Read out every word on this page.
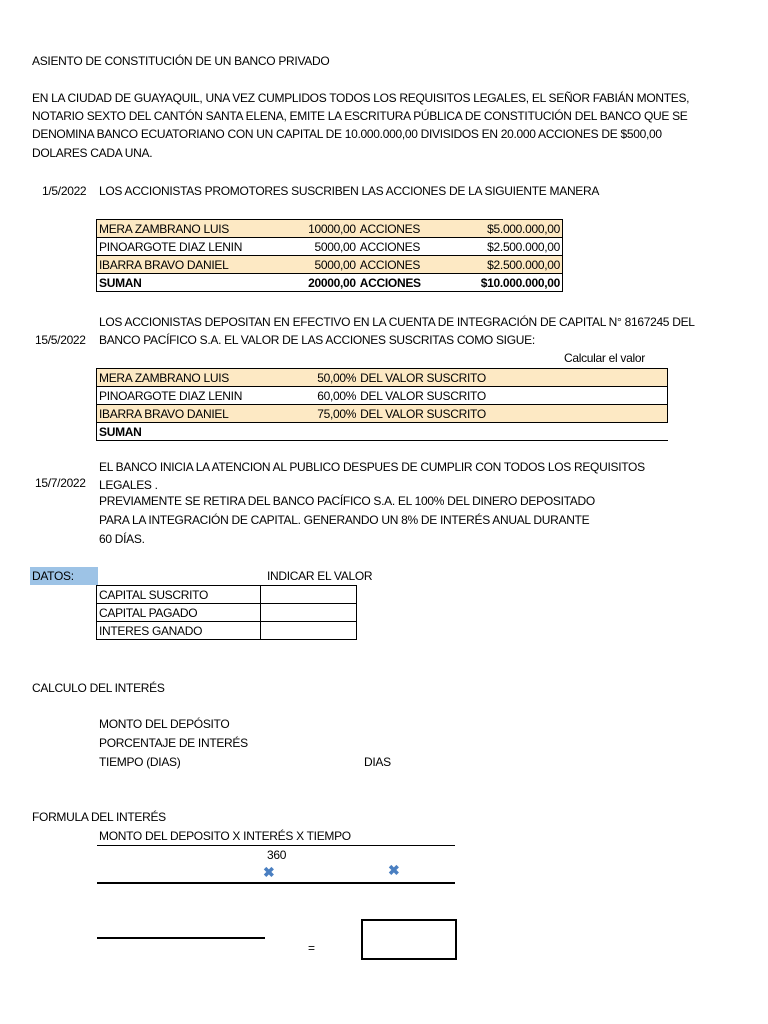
ASIENTO DE CONSTITUCIÓN DE UN BANCO PRIVADO
EN LA CIUDAD DE GUAYAQUIL, UNA VEZ CUMPLIDOS TODOS LOS REQUISITOS LEGALES, EL SEÑOR FABIÁN MONTES,
NOTARIO SEXTO DEL CANTÓN SANTA ELENA, EMITE LA ESCRITURA PÚBLICA DE CONSTITUCIÓN DEL BANCO QUE SE
DENOMINA BANCO ECUATORIANO CON UN CAPITAL DE 10.000.000,00 DIVISIDOS EN 20.000 ACCIONES DE $500,00
DOLARES CADA UNA.
1/5/2022 LOS ACCIONISTAS PROMOTORES SUSCRIBEN LAS ACCIONES DE LA SIGUIENTE MANERA
MERA ZAMBRANO LUIS	10000,00	ACCIONES	$5.000.000,00
PINOARGOTE DIAZ LENIN	5000,00	ACCIONES	$2.500.000,00
IBARRA BRAVO DANIEL	5000,00	ACCIONES	$2.500.000,00
SUMAN	20000,00	ACCIONES	$10.000.000,00
LOS ACCIONISTAS DEPOSITAN EN EFECTIVO EN LA CUENTA DE INTEGRACIÓN DE CAPITAL N° 8167245 DEL
15/5/2022 BANCO PACÍFICO S.A. EL VALOR DE LAS ACCIONES SUSCRITAS COMO SIGUE:
Calcular el valor
MERA ZAMBRANO LUIS	50,00%	DEL VALOR SUSCRITO
PINOARGOTE DIAZ LENIN	60,00%	DEL VALOR SUSCRITO
IBARRA BRAVO DANIEL	75,00%	DEL VALOR SUSCRITO
SUMAN		
EL BANCO INICIA LA ATENCION AL PUBLICO DESPUES DE CUMPLIR CON TODOS LOS REQUISITOS
15/7/2022 LEGALES .
PREVIAMENTE SE RETIRA DEL BANCO PACÍFICO S.A. EL 100% DEL DINERO DEPOSITADO
PARA LA INTEGRACIÓN DE CAPITAL. GENERANDO UN 8% DE INTERÉS ANUAL DURANTE
60 DÍAS.
DATOS:	INDICAR EL VALOR
CAPITAL SUSCRITO	
CAPITAL PAGADO	
INTERES GANADO	
CALCULO DEL INTERÉS
MONTO DEL DEPÓSITO
PORCENTAJE DE INTERÉS
TIEMPO (DIAS)	DIAS
FORMULA DEL INTERÉS
MONTO DEL DEPOSITO X INTERÉS X TIEMPO
360
✖	✖
=
